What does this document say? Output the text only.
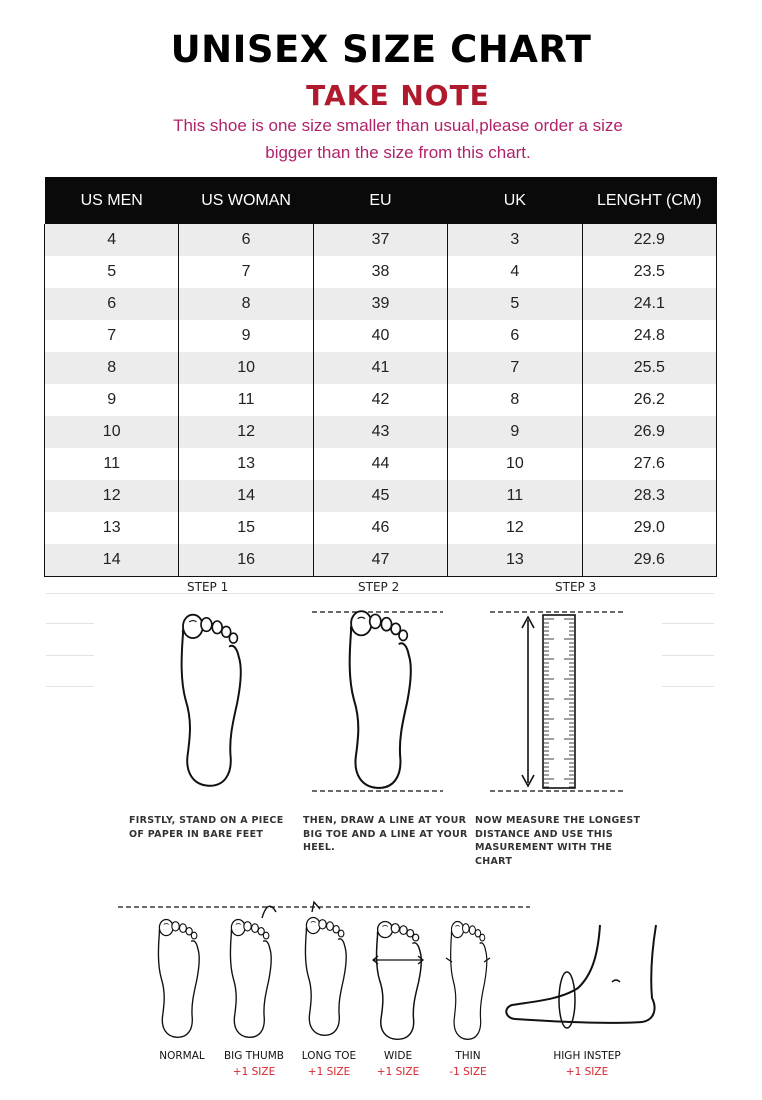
UNISEX SIZE CHART
TAKE NOTE
This shoe is one size smaller than usual,please order a size
bigger than the size from this chart.
US MEN	US WOMAN	EU	UK	LENGHT (CM)
4	6	37	3	22.9
5	7	38	4	23.5
6	8	39	5	24.1
7	9	40	6	24.8
8	10	41	7	25.5
9	11	42	8	26.2
10	12	43	9	26.9
11	13	44	10	27.6
12	14	45	11	28.3
13	15	46	12	29.0
14	16	47	13	29.6
STEP 1	STEP 2	STEP 3
FIRSTLY, STAND ON A PIECE
OF PAPER IN BARE FEET
THEN, DRAW A LINE AT YOUR
BIG TOE AND A LINE AT YOUR
HEEL.
NOW MEASURE THE LONGEST
DISTANCE AND USE THIS
MASUREMENT WITH THE
CHART
NORMAL	BIG THUMB
+1 SIZE
LONG TOE
+1 SIZE
WIDE
+1 SIZE
THIN
-1 SIZE
HIGH INSTEP
+1 SIZE
